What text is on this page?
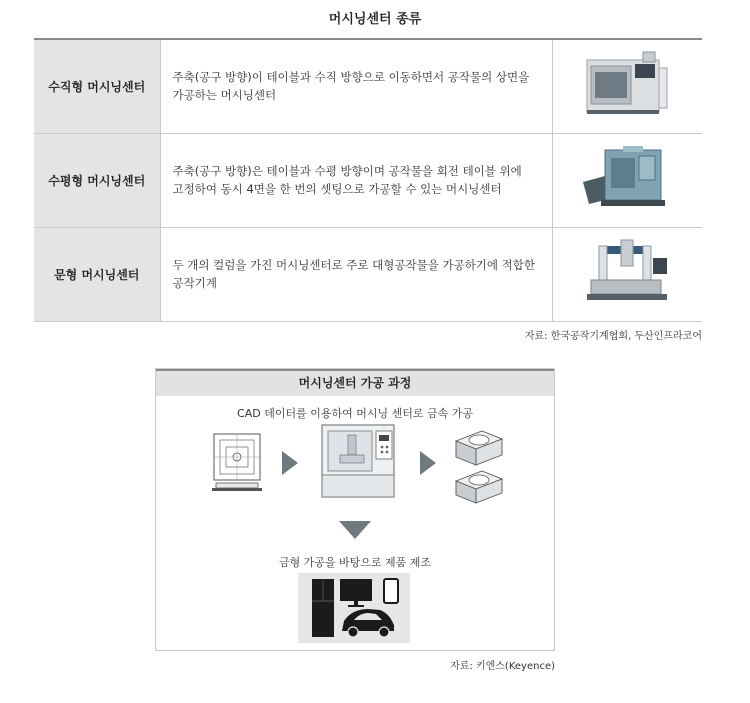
머시닝센터 종류
수직형 머시닝센터	주축(공구 방향)이 테이블과 수직 방향으로 이동하면서 공작물의 상면을
가공하는 머시닝센터

수평형 머시닝센터	주축(공구 방향)은 테이블과 수평 방향이며 공작물을 회전 테이블 위에
고정하여 동시 4면을 한 번의 셋팅으로 가공할 수 있는 머시닝센터

문형 머시닝센터	두 개의 컬럼을 가진 머시닝센터로 주로 대형공작물을 가공하기에 적합한
공작기계

자료: 한국공작기계협회, 두산인프라코어
머시닝센터 가공 과정
CAD 데이터를 이용하여 머시닝 센터로 금속 가공
금형 가공을 바탕으로 제품 제조
자료: 키엔스(Keyence)
